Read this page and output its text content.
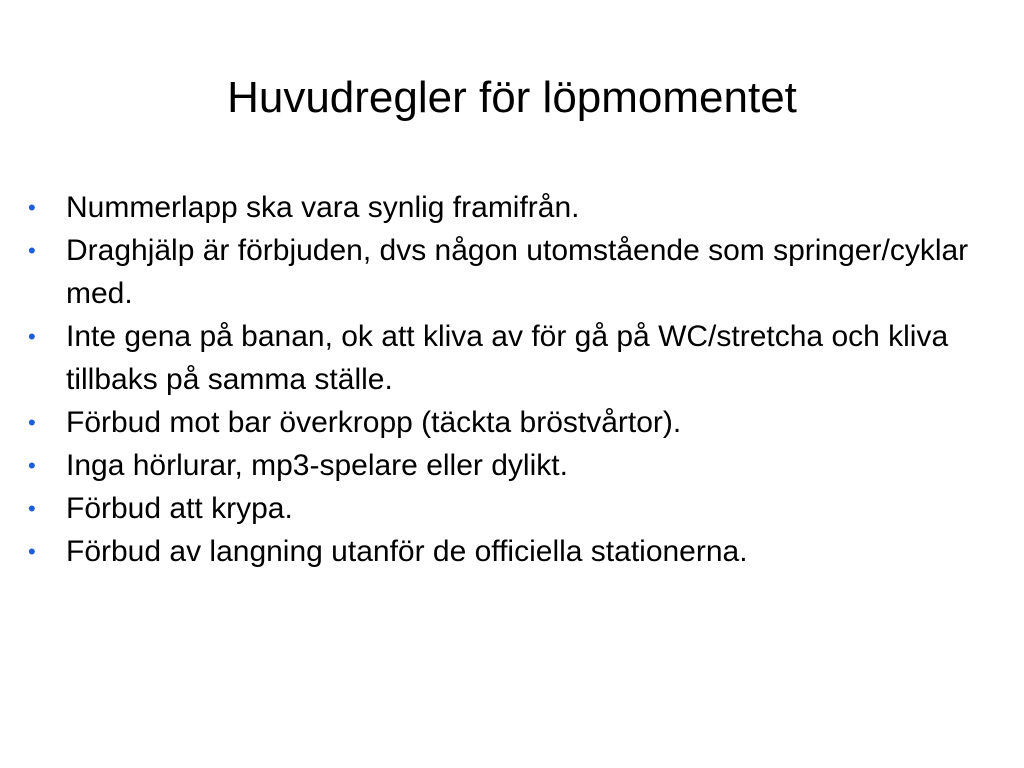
Huvudregler för löpmomentet
•	Nummerlapp ska vara synlig framifrån.
•	Draghjälp är förbjuden, dvs någon utomstående som springer/cyklar med.
•	Inte gena på banan, ok att kliva av för gå på WC/stretcha och kliva tillbaks på samma ställe.
•	Förbud mot bar överkropp (täckta bröstvårtor).
•	Inga hörlurar, mp3-spelare eller dylikt.
•	Förbud att krypa.
•	Förbud av langning utanför de officiella stationerna.
